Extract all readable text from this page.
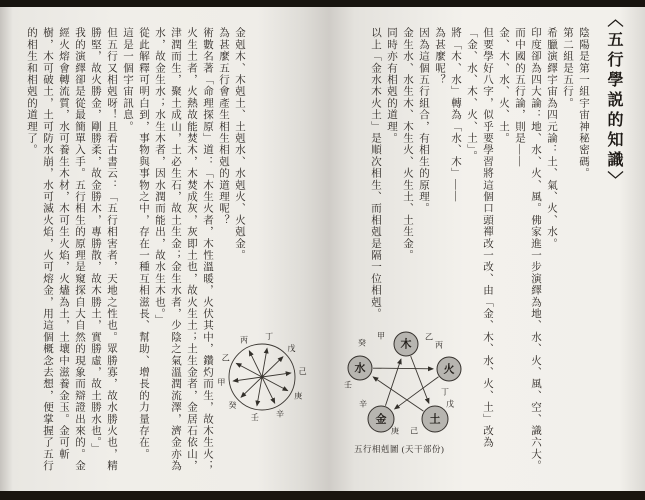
金剋木、木剋土、土剋水、水剋火、火剋金。

為甚麼五行會產生相生相剋的道理呢？

術數名著「命理探原」道：「木生火者，木性溫暖，火伏其中，鑽灼而生，故木生火；火生土者，火熱故能焚木，木焚成灰，灰即土也，故火生土；土生金者，金居石依山，津潤而生，聚土成山，土必生石，故土生金；金生水者，少陰之氣溫潤流澤，濟金亦為水，故金生水；水生木者，因水潤而能出，故水生木也。」

從此解釋可明白到，事物與事物之中，存在一種互相滋長、幫助、增長的力量存在。

這是一個宇宙訊息。

但五行又相剋呀！且看古書云：「五行相害者，天地之性也。眾勝寡，故水勝火也，精勝堅，故火勝金，剛勝柔，故金勝木，專勝散，故木勝土，實勝虛，故土勝水也。」

我的演繹卻是從最簡單入手。五行相生的原理是窺探自大自然的現象而辯證出來的。金經火熔會轉流質，水可養生木材，木可生火焰，火燼為土，土壤中滋養金玉。金可斬樹，木可破土，土可防水崩，水可滅火焰，火可熔金，用這個概念去想，便掌握了五行的相生和相剋的道理了。

丁
戊
己
庚
辛
壬
癸
甲
乙
丙
〈五行學説的知識〉

陰陽是第一組宇宙神秘密碼。

第二組是五行。

希臘演繹宇宙為四元論：土、氣、火、水。

印度卻為四大論：地、水、火、風。佛家進一步演繹為地、水、火、風、空、識六大。

而中國的五行論，則是——

金、木、水、火、土。

但要學好八字，似乎要學習將這個口頭禪改一改、由「金、木、水、火、土」改為「金、水、木、火、土」。

將「木、水」轉為「水、木」——

為甚麼呢？

因為這個五行組合，有相生的原理。

金生水、水生木、木生火、火生土、土生金。

同時亦有相剋的道理。

以上「金水木火土」是順次相生、而相剋是隔一位相剋。

木
甲	乙
火
丙
丁
土
戊
己
金
庚
辛
水
壬
癸
五行相剋圖 (天干部份)
